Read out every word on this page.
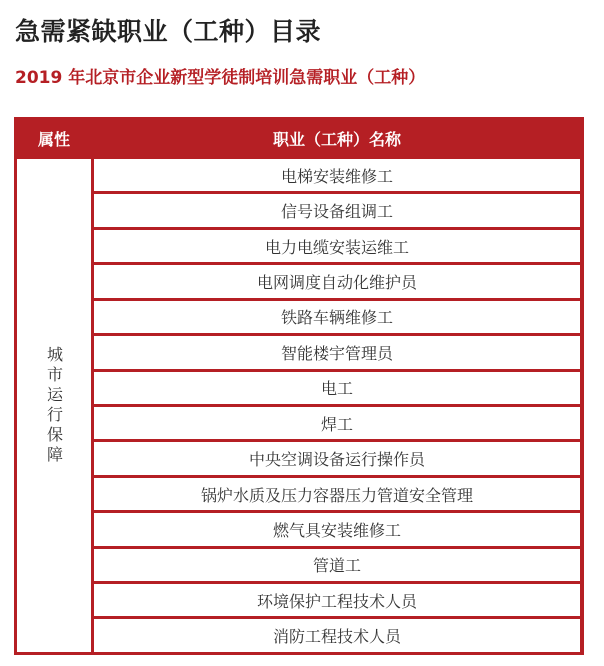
急需紧缺职业（工种）目录
2019 年北京市企业新型学徒制培训急需职业（工种）
属性	职业（工种）名称
城市运行保障
电梯安装维修工
信号设备组调工
电力电缆安装运维工
电网调度自动化维护员
铁路车辆维修工
智能楼宇管理员
电工
焊工
中央空调设备运行操作员
锅炉水质及压力容器压力管道安全管理
燃气具安装维修工
管道工
环境保护工程技术人员
消防工程技术人员
